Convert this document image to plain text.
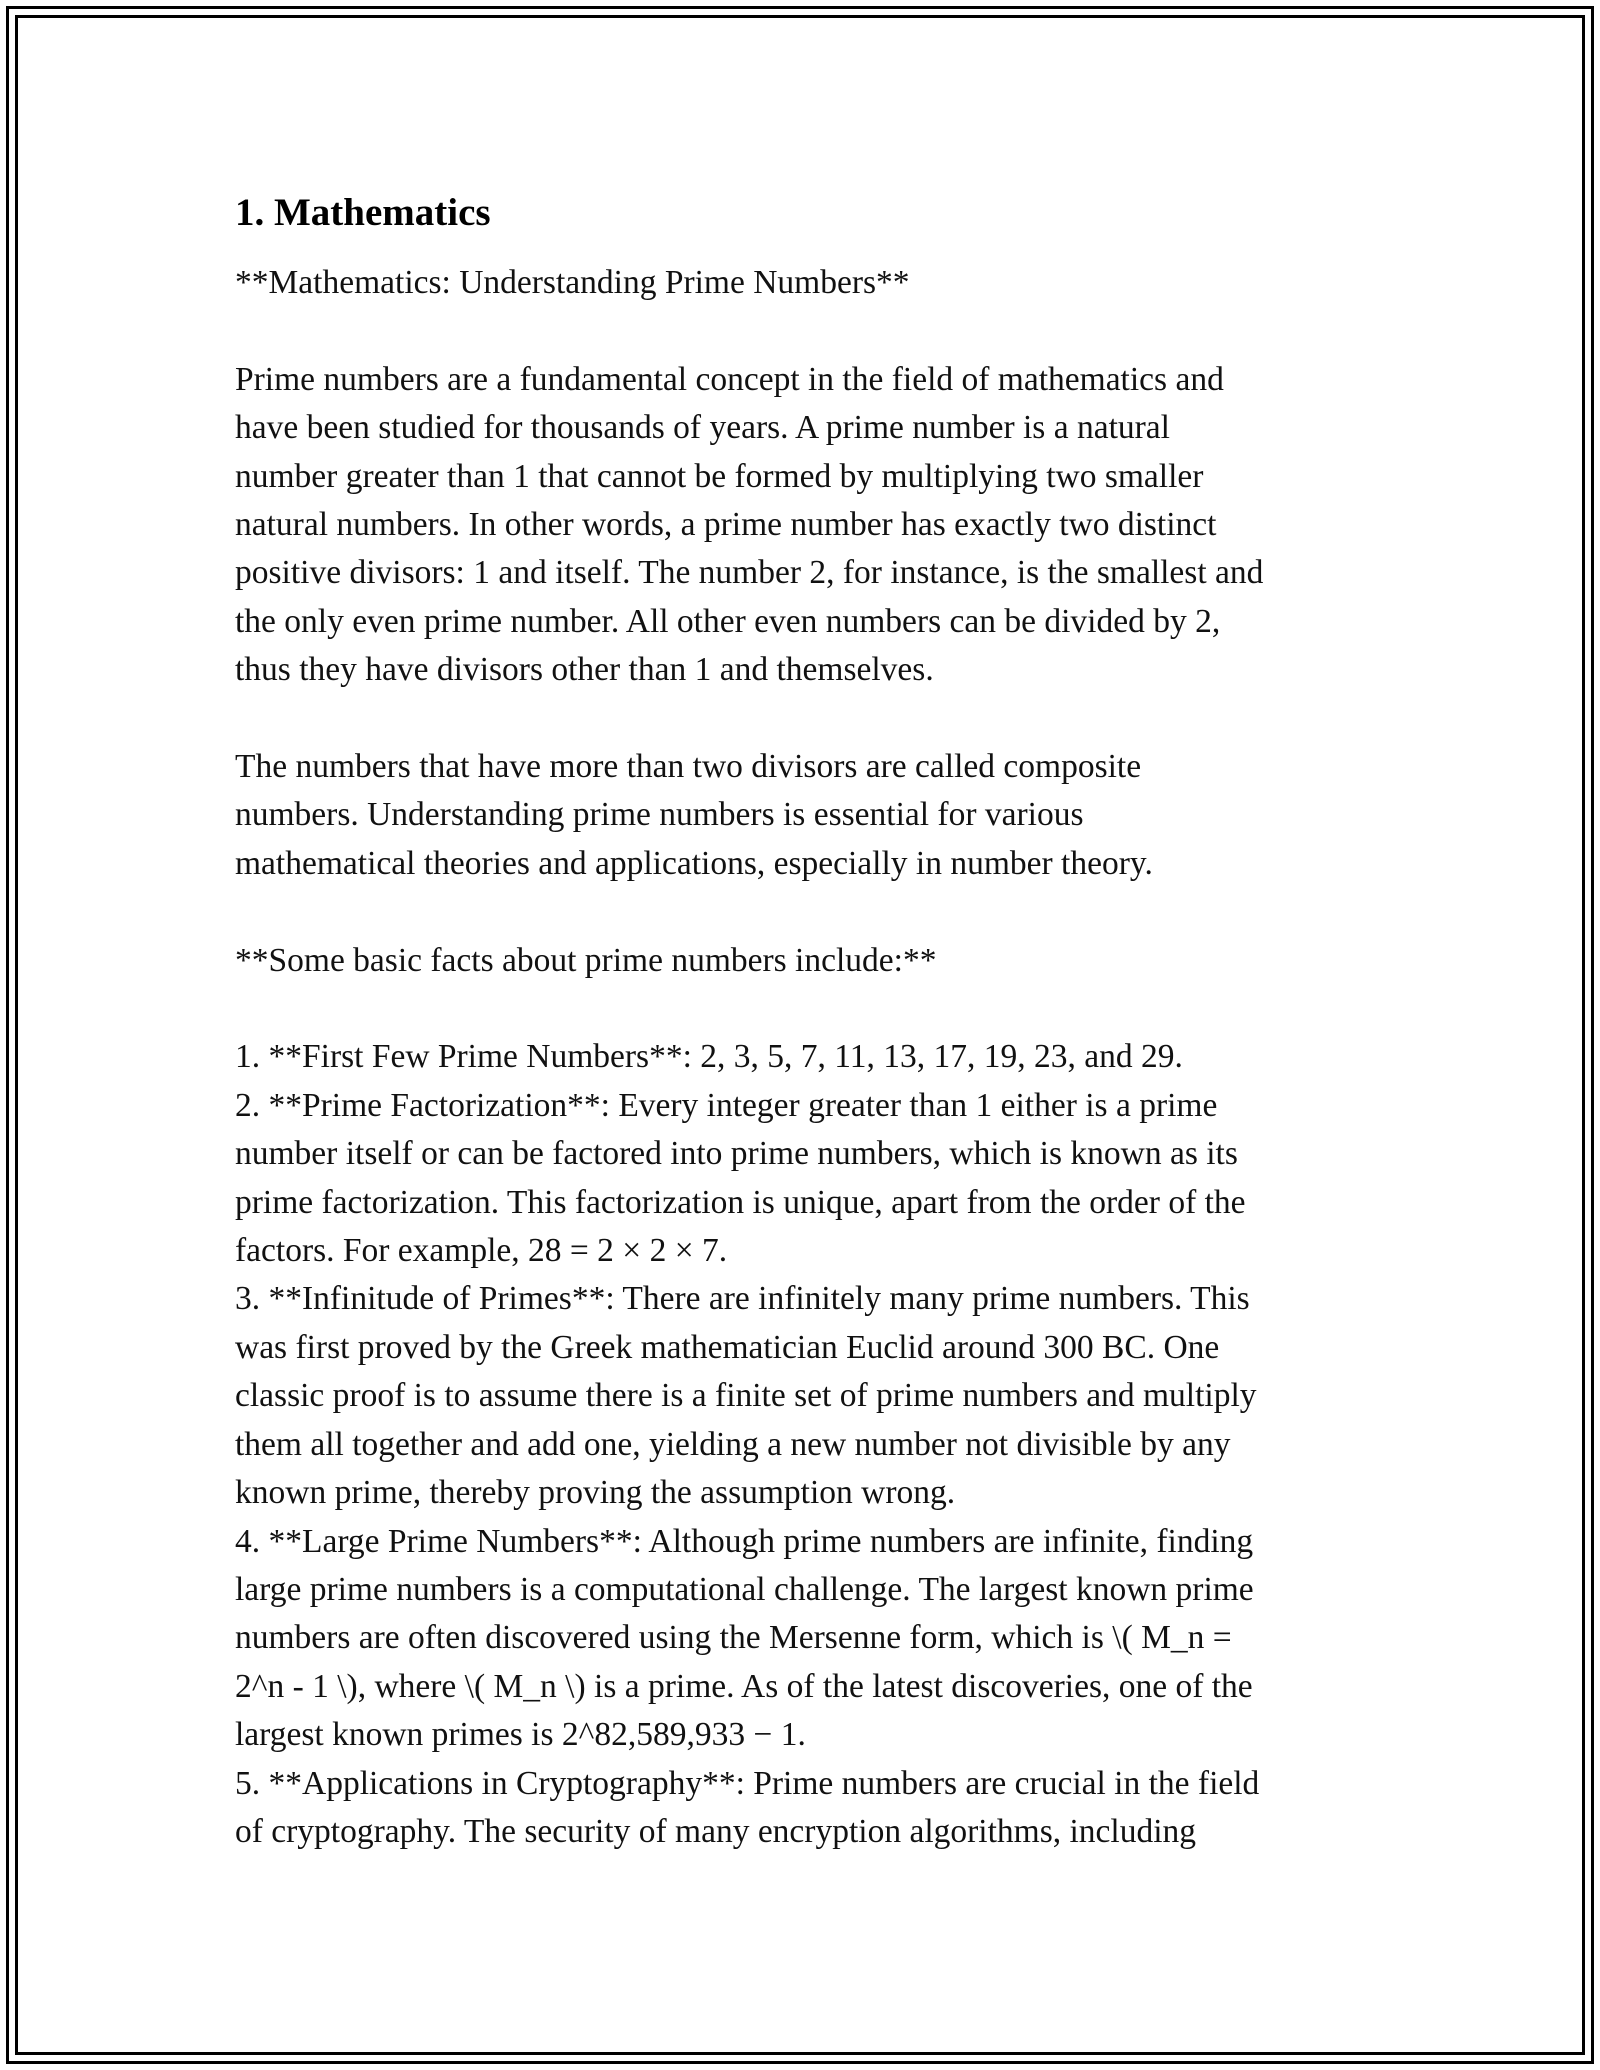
1. Mathematics

**Mathematics: Understanding Prime Numbers**

Prime numbers are a fundamental concept in the field of mathematics and
have been studied for thousands of years. A prime number is a natural
number greater than 1 that cannot be formed by multiplying two smaller
natural numbers. In other words, a prime number has exactly two distinct
positive divisors: 1 and itself. The number 2, for instance, is the smallest and
the only even prime number. All other even numbers can be divided by 2,
thus they have divisors other than 1 and themselves.

The numbers that have more than two divisors are called composite
numbers. Understanding prime numbers is essential for various
mathematical theories and applications, especially in number theory.

**Some basic facts about prime numbers include:**

1. **First Few Prime Numbers**: 2, 3, 5, 7, 11, 13, 17, 19, 23, and 29.
2. **Prime Factorization**: Every integer greater than 1 either is a prime
number itself or can be factored into prime numbers, which is known as its
prime factorization. This factorization is unique, apart from the order of the
factors. For example, 28 = 2 × 2 × 7.
3. **Infinitude of Primes**: There are infinitely many prime numbers. This
was first proved by the Greek mathematician Euclid around 300 BC. One
classic proof is to assume there is a finite set of prime numbers and multiply
them all together and add one, yielding a new number not divisible by any
known prime, thereby proving the assumption wrong.
4. **Large Prime Numbers**: Although prime numbers are infinite, finding
large prime numbers is a computational challenge. The largest known prime
numbers are often discovered using the Mersenne form, which is \( M_n =
2^n - 1 \), where \( M_n \) is a prime. As of the latest discoveries, one of the
largest known primes is 2^82,589,933 − 1.
5. **Applications in Cryptography**: Prime numbers are crucial in the field
of cryptography. The security of many encryption algorithms, including
